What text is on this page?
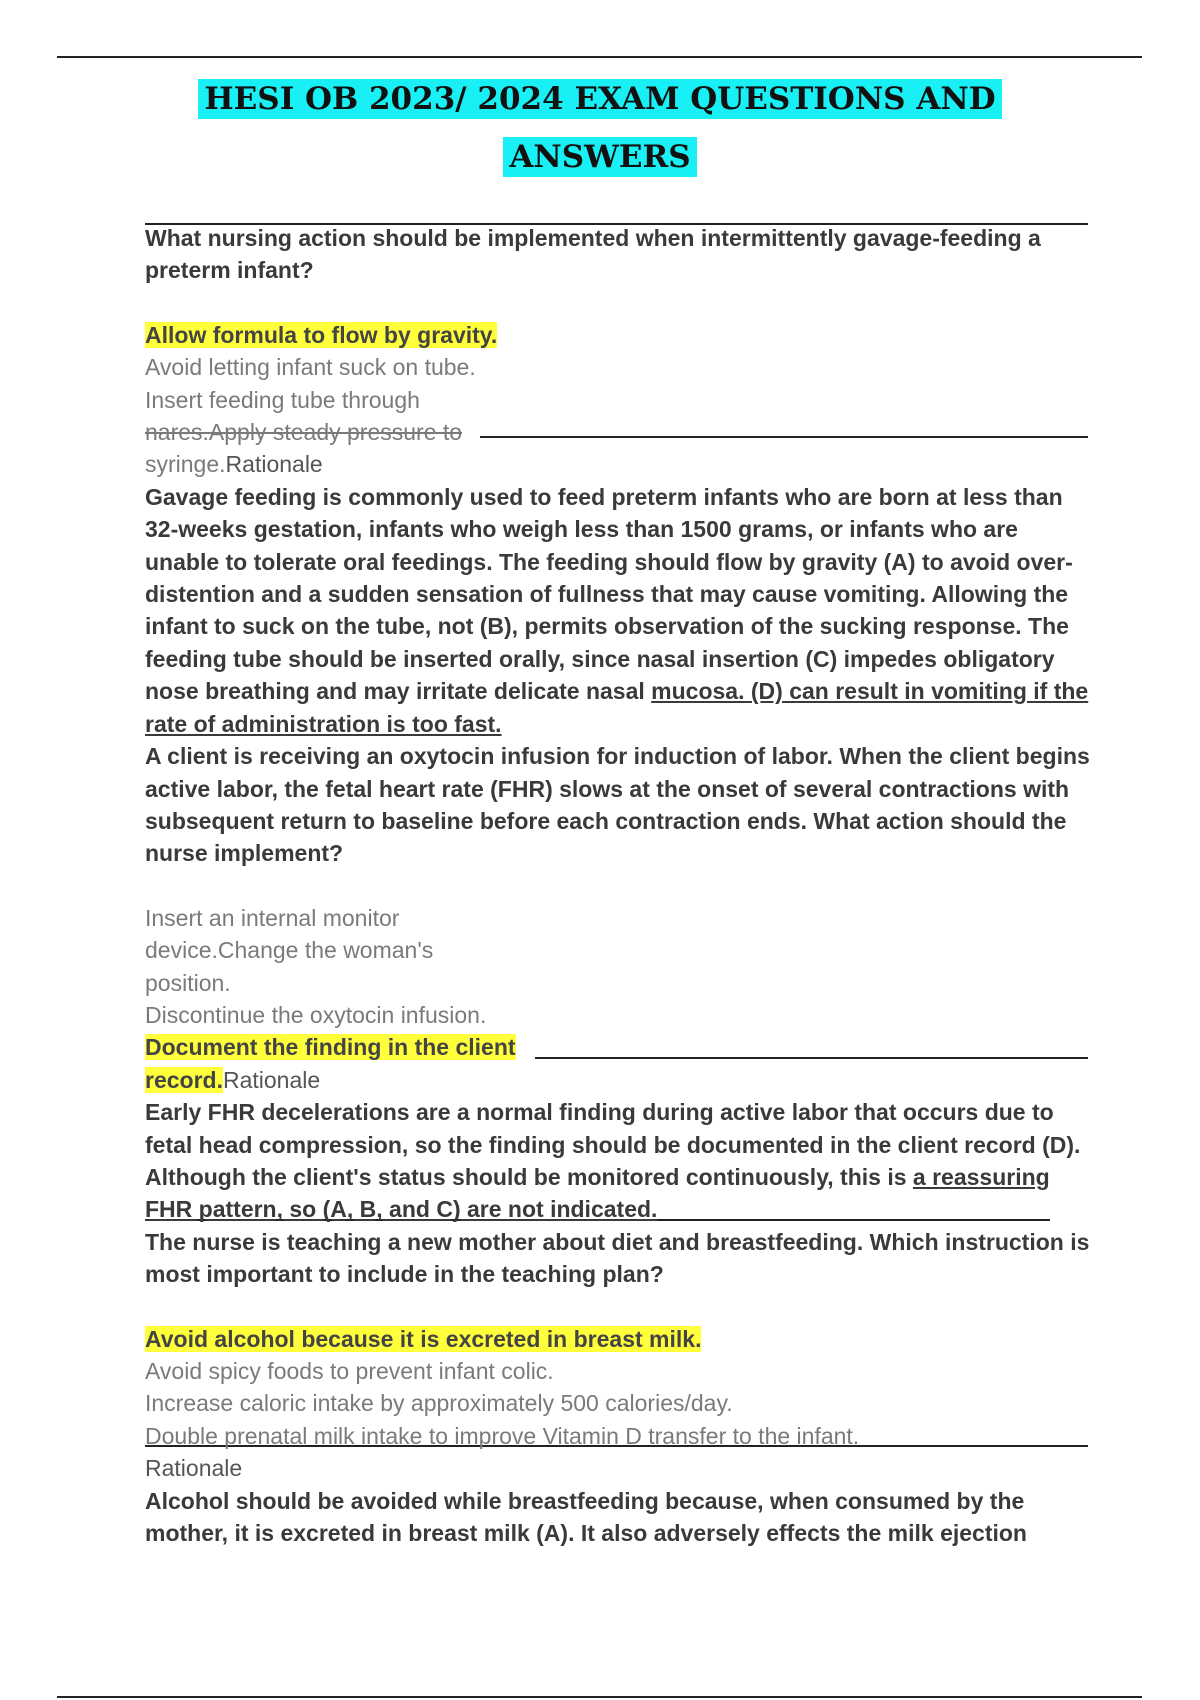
HESI OB 2023/ 2024 EXAM QUESTIONS AND
ANSWERS
What nursing action should be implemented when intermittently gavage-feeding a preterm infant?
Allow formula to flow by gravity.
Avoid letting infant suck on tube.
Insert feeding tube through
nares.Apply steady pressure to
syringe.Rationale
Gavage feeding is commonly used to feed preterm infants who are born at less than 32-weeks gestation, infants who weigh less than 1500 grams, or infants who are unable to tolerate oral feedings. The feeding should flow by gravity (A) to avoid over-distention and a sudden sensation of fullness that may cause vomiting. Allowing the infant to suck on the tube, not (B), permits observation of the sucking response. The feeding tube should be inserted orally, since nasal insertion (C) impedes obligatory nose breathing and may irritate delicate nasal mucosa. (D) can result in vomiting if the rate of administration is too fast.
A client is receiving an oxytocin infusion for induction of labor. When the client begins active labor, the fetal heart rate (FHR) slows at the onset of several contractions with subsequent return to baseline before each contraction ends. What action should the nurse implement?
Insert an internal monitor
device.Change the woman's
position.
Discontinue the oxytocin infusion.
Document the finding in the client
record.Rationale
Early FHR decelerations are a normal finding during active labor that occurs due to fetal head compression, so the finding should be documented in the client record (D). Although the client's status should be monitored continuously, this is a reassuring FHR pattern, so (A, B, and C) are not indicated.
The nurse is teaching a new mother about diet and breastfeeding. Which instruction is most important to include in the teaching plan?
Avoid alcohol because it is excreted in breast milk.
Avoid spicy foods to prevent infant colic.
Increase caloric intake by approximately 500 calories/day.
Double prenatal milk intake to improve Vitamin D transfer to the infant.
Rationale
Alcohol should be avoided while breastfeeding because, when consumed by the mother, it is excreted in breast milk (A). It also adversely effects the milk ejection
